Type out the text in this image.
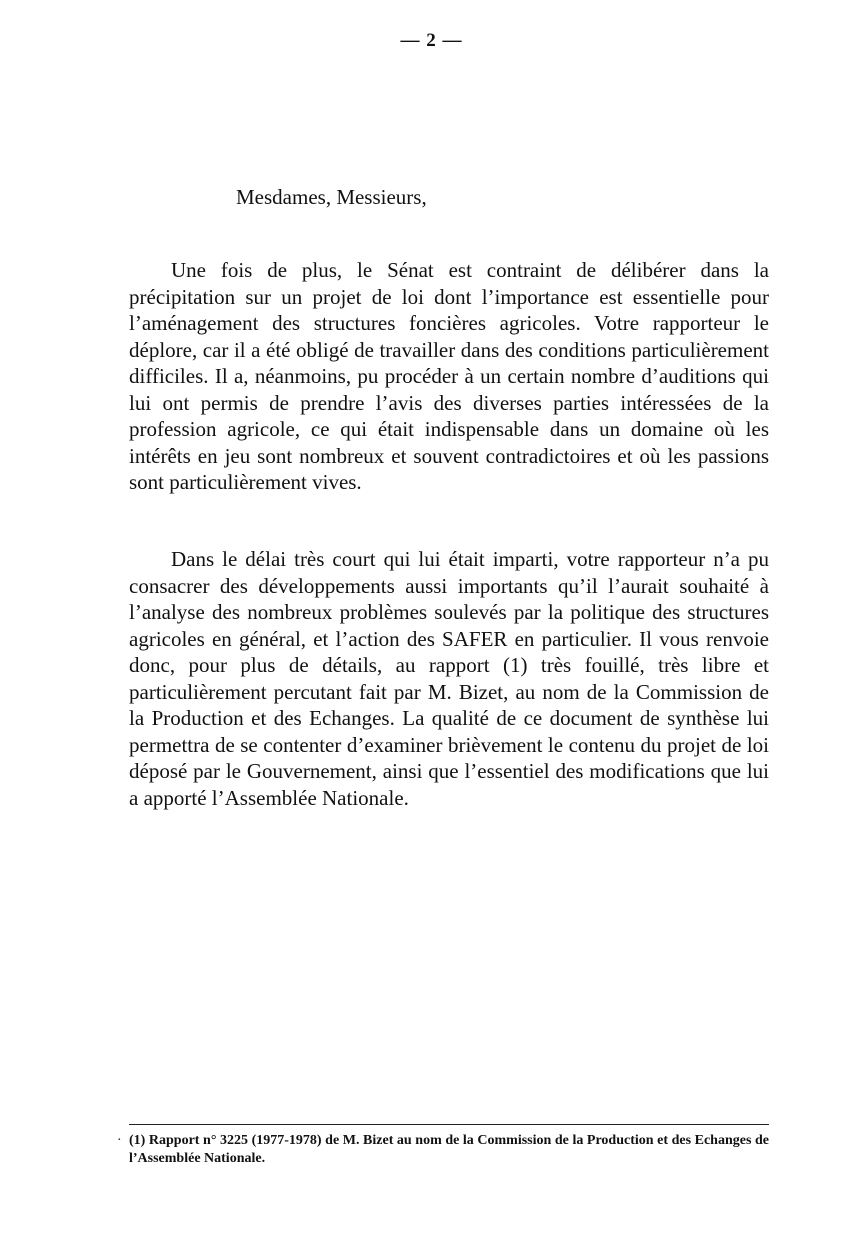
— 2 —
Mesdames, Messieurs,

Une fois de plus, le Sénat est contraint de délibérer dans la précipitation sur un projet de loi dont l’importance est essentielle pour l’aménagement des structures foncières agricoles. Votre rapporteur le déplore, car il a été obligé de travailler dans des conditions particulièrement difficiles. Il a, néanmoins, pu procéder à un certain nombre d’auditions qui lui ont permis de prendre l’avis des diverses parties intéressées de la profession agricole, ce qui était indispensable dans un domaine où les intérêts en jeu sont nombreux et souvent contradictoires et où les passions sont particulièrement vives.

Dans le délai très court qui lui était imparti, votre rapporteur n’a pu consacrer des développements aussi importants qu’il l’aurait souhaité à l’analyse des nombreux problèmes soulevés par la politique des structures agricoles en général, et l’action des SAFER en particulier. Il vous renvoie donc, pour plus de détails, au rapport (1) très fouillé, très libre et particulièrement percutant fait par M. Bizet, au nom de la Commission de la Production et des Echanges. La qualité de ce document de synthèse lui permettra de se contenter d’examiner brièvement le contenu du projet de loi déposé par le Gouvernement, ainsi que l’essentiel des modifications que lui a apporté l’Assemblée Nationale.

· (1) Rapport n° 3225 (1977-1978) de M. Bizet au nom de la Commission de la Production et des Echanges de l’Assemblée Nationale.
